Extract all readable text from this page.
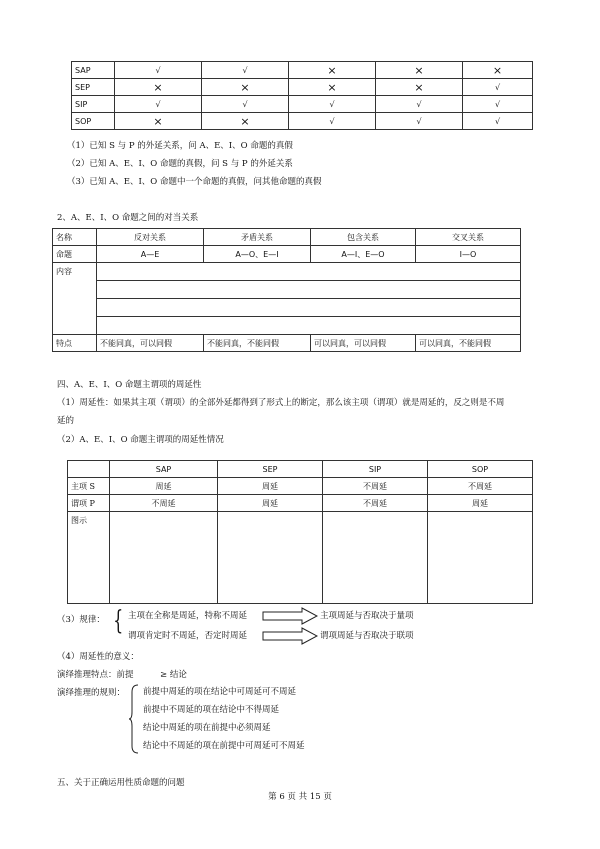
SAP	√	√	×	×	×
SEP	×	×	×	×	√
SIP	√	√	√	√	√
SOP	×	×	√	√	√
（1）已知 S 与 P 的外延关系，问 A、E、I、O 命题的真假
（2）已知 A、E、I、O 命题的真假，问 S 与 P 的外延关系
（3）已知 A、E、I、O 命题中一个命题的真假，问其他命题的真假
2、A、E、I、O 命题之间的对当关系
名称	反对关系	矛盾关系	包含关系	交叉关系
命题	A—E	A—O、E—I	A—I、E—O	I—O
内容				

特点	不能同真，可以同假	不能同真，不能同假	可以同真，可以同假	可以同真，不能同假
四、A、E、I、O 命题主谓项的周延性
（1）周延性：如果其主项（谓项）的全部外延都得到了形式上的断定，那么该主项（谓项）就是周延的，反之则是不周
延的
（2）A、E、I、O 命题主谓项的周延性情况
	SAP	SEP	SIP	SOP
主项 S	周延	周延	不周延	不周延
谓项 P	不周延	周延	不周延	周延
图示				
（3）规律： { 主项在全称是周延，特称不周延
谓项肯定时不周延，否定时周延
主项周延与否取决于量项
谓项周延与否取决于联项
（4）周延性的意义：
演绎推理特点：前提	≥ 结论
演绎推理的规则： 前提中周延的项在结论中可周延可不周延
前提中不周延的项在结论中不得周延
结论中周延的项在前提中必须周延
结论中不周延的项在前提中可周延可不周延
五、关于正确运用性质命题的问题
第 6 页 共 15 页
